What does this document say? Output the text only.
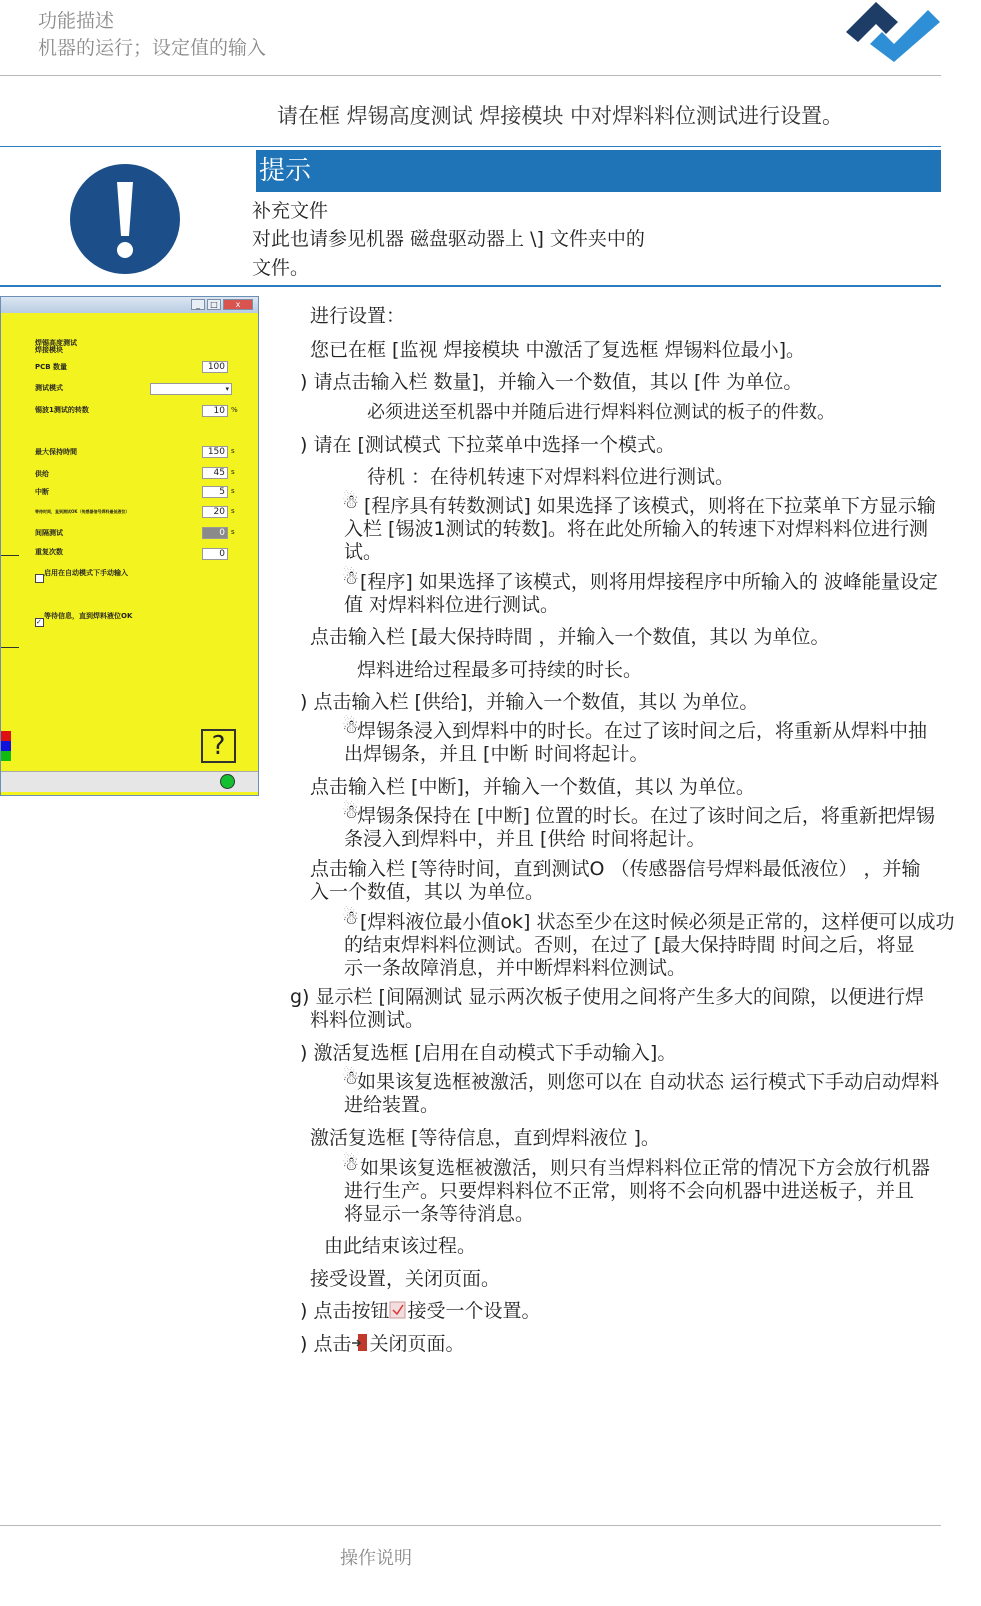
功能描述
机器的运行；设定值的输入
请在框 焊锡高度测试 焊接模块 中对焊料料位测试进行设置。
提示
补充文件
对此也请参见机器 磁盘驱动器上 \] 文件夹中的
文件。
_	□	x
焊锡高度测试
焊接模块
PCB 数量	100
测试模式	▾
锡波1测试的转数	10 %
最大保持時間	150 s
供给	45 s
中断	5 s
等待时间，直到测试OK（传感器信号焊料最低液位）	20 s
间隔测试	0 s
重复次数	0
启用在自动模式下手动输入
✓
等待信息，直到焊料液位OK
?
进行设置：
您已在框 [监视 焊接模块 中激活了复选框 焊锡料位最小]。
) 请点击输入栏 数量]，并输入一个数值，其以 [件 为单位。
必须进送至机器中并随后进行焊料料位测试的板子的件数。
) 请在 [测试模式 下拉菜单中选择一个模式。
待机 ：在待机转速下对焊料料位进行测试。
☃ [程序具有转数测试] 如果选择了该模式，则将在下拉菜单下方显示输
入栏 [锡波1测试的转数]。将在此处所输入的转速下对焊料料位进行测
试。
☃ [程序] 如果选择了该模式，则将用焊接程序中所输入的 波峰能量设定
值 对焊料料位进行测试。
点击输入栏 [最大保持時間 ，并输入一个数值，其以 为单位。
焊料进给过程最多可持续的时长。
) 点击输入栏 [供给]，并输入一个数值，其以 为单位。
☃
焊锡条浸入到焊料中的时长。在过了该时间之后，将重新从焊料中抽
出焊锡条，并且 [中断 时间将起计。
点击输入栏 [中断]，并输入一个数值，其以 为单位。
☃
焊锡条保持在 [中断] 位置的时长。在过了该时间之后，将重新把焊锡
条浸入到焊料中，并且 [供给 时间将起计。
点击输入栏 [等待时间，直到测试O （传感器信号焊料最低液位） ，并输
入一个数值，其以 为单位。
☃ [焊料液位最小值ok] 状态至少在这时候必须是正常的，这样便可以成功
的结束焊料料位测试。否则，在过了 [最大保持時間 时间之后，将显
示一条故障消息，并中断焊料料位测试。
g) 显示栏 [间隔测试 显示两次板子使用之间将产生多大的间隙，以便进行焊
料料位测试。
) 激活复选框 [启用在自动模式下手动输入]。
☃
如果该复选框被激活，则您可以在 自动状态 运行模式下手动启动焊料
进给装置。
激活复选框 [等待信息，直到焊料液位 ]。
☃ 如果该复选框被激活，则只有当焊料料位正常的情况下方会放行机器
进行生产。只要焊料料位不正常，则将不会向机器中进送板子，并且
将显示一条等待消息。
由此结束该过程。
接受设置，关闭页面。
) 点击按钮 接受一个设置。
) 点击 关闭页面。
操作说明
